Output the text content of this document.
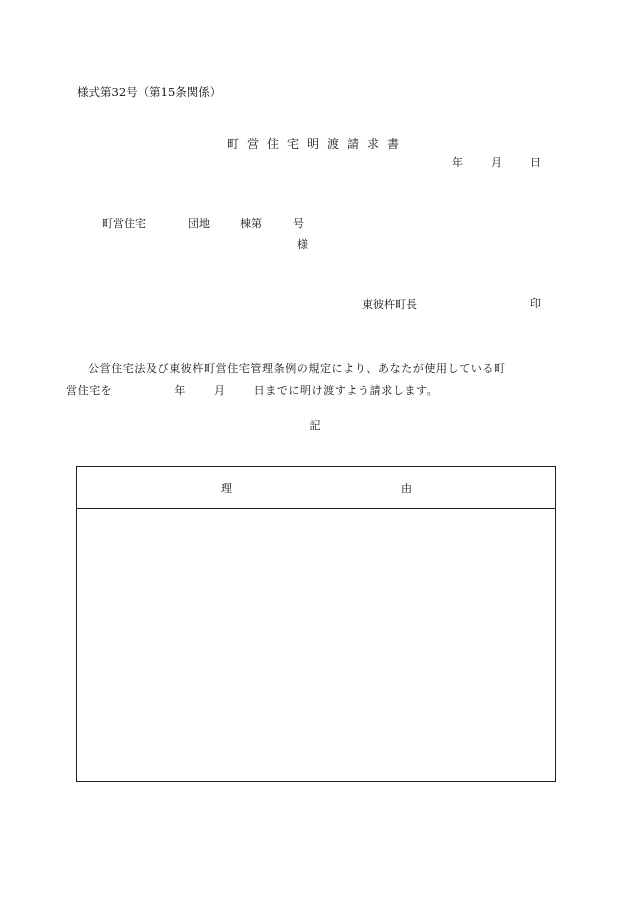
様式第32号（第15条関係）
町営住宅明渡請求書
年	月	日
町営住宅	団地	棟第	号
様
東彼杵町長	印
公営住宅法及び東彼杵町営住宅管理条例の規定により、あなたが使用している町
営住宅を	年	月	日までに明け渡すよう請求します。
記
理	由
